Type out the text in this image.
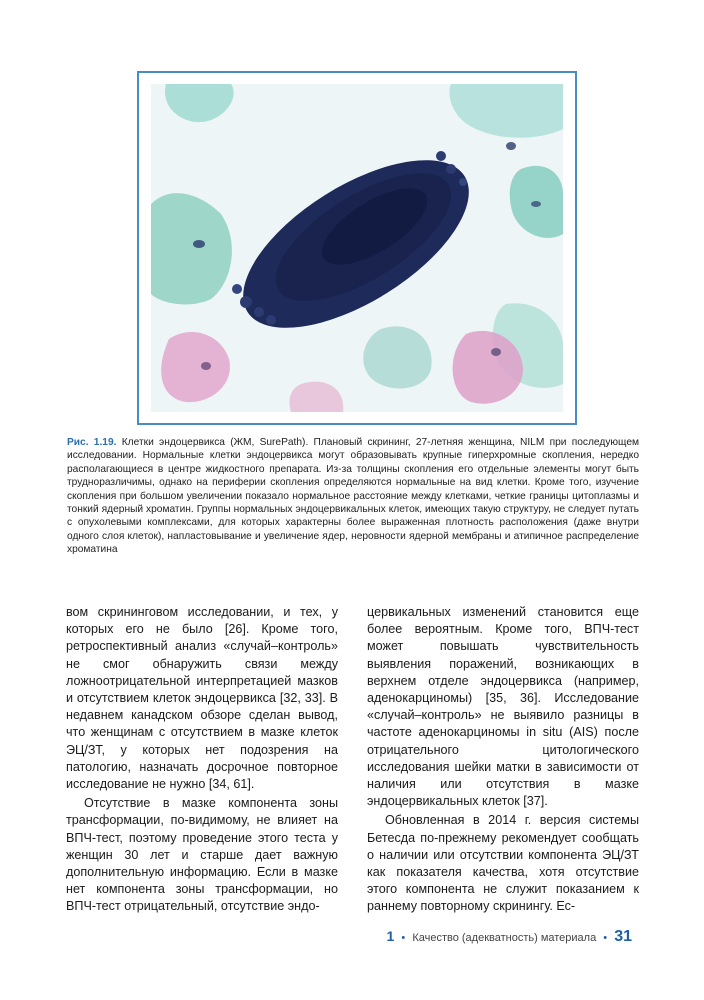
Рис. 1.19. Клетки эндоцервикса (ЖМ, SurePath). Плановый скрининг, 27-летняя женщина, NILM при последующем исследовании. Нормальные клетки эндоцервикса могут образовывать крупные гиперхромные скопления, нередко располагающиеся в центре жидкостного препарата. Из-за толщины скопления его отдельные элементы могут быть трудноразличимы, однако на периферии скопления определяются нормальные на вид клетки. Кроме того, изучение скопления при большом увеличении показало нормальное расстояние между клетками, четкие границы цитоплазмы и тонкий ядерный хроматин. Группы нормальных эндоцервикальных клеток, имеющих такую структуру, не следует путать с опухолевыми комплексами, для которых характерны более выраженная плотность расположения (даже внутри одного слоя клеток), напластовывание и увеличение ядер, неровности ядерной мембраны и атипичное распределение хроматина

вом скрининговом исследовании, и тех, у которых его не было [26]. Кроме того, ретроспективный анализ «случай–контроль» не смог обнаружить связи между ложноотрицательной интерпретацией мазков и отсутствием клеток эндоцервикса [32, 33]. В недавнем канадском обзоре сделан вывод, что женщинам с отсутствием в мазке клеток ЭЦ/ЗТ, у которых нет подозрения на патологию, назначать досрочное повторное исследование не нужно [34, 61].

Отсутствие в мазке компонента зоны трансформации, по-видимому, не влияет на ВПЧ-тест, поэтому проведение этого теста у женщин 30 лет и старше дает важную дополнительную информацию. Если в мазке нет компонента зоны трансформации, но ВПЧ-тест отрицательный, отсутствие эндо-

цервикальных изменений становится еще более вероятным. Кроме того, ВПЧ-тест может повышать чувствительность выявления поражений, возникающих в верхнем отделе эндоцервикса (например, аденокарциномы) [35, 36]. Исследование «случай–контроль» не выявило разницы в частоте аденокарциномы in situ (AIS) после отрицательного цитологического исследования шейки матки в зависимости от наличия или отсутствия в мазке эндоцервикальных клеток [37].

Обновленная в 2014 г. версия системы Бетесда по-прежнему рекомендует сообщать о наличии или отсутствии компонента ЭЦ/ЗТ как показателя качества, хотя отсутствие этого компонента не служит показанием к раннему повторному скринингу. Ес-

1 • Качество (адекватность) материала • 31
